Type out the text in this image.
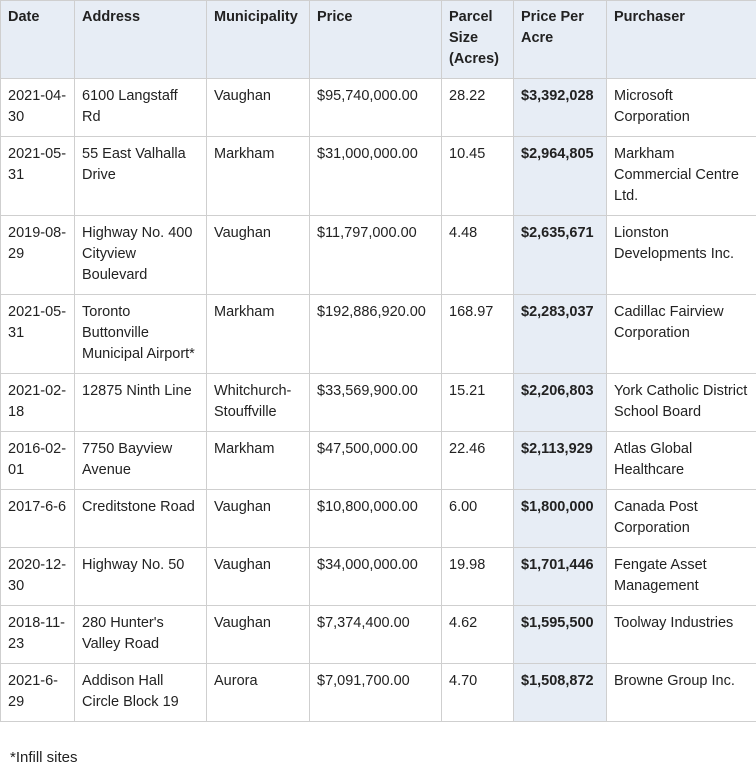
Date	Address	Municipality	Price	Parcel Size (Acres)	Price Per Acre	Purchaser
2021-04-30	6100 Langstaff Rd	Vaughan	$95,740,000.00	28.22	$3,392,028	Microsoft Corporation
2021-05-31	55 East Valhalla Drive	Markham	$31,000,000.00	10.45	$2,964,805	Markham Commercial Centre Ltd.
2019-08-29	Highway No. 400 Cityview Boulevard	Vaughan	$11,797,000.00	4.48	$2,635,671	Lionston Developments Inc.
2021-05-31	Toronto Buttonville Municipal Airport*	Markham	$192,886,920.00	168.97	$2,283,037	Cadillac Fairview Corporation
2021-02-18	12875 Ninth Line	Whitchurch-Stouffville	$33,569,900.00	15.21	$2,206,803	York Catholic District School Board
2016-02-01	7750 Bayview Avenue	Markham	$47,500,000.00	22.46	$2,113,929	Atlas Global Healthcare
2017-6-6	Creditstone Road	Vaughan	$10,800,000.00	6.00	$1,800,000	Canada Post Corporation
2020-12-30	Highway No. 50	Vaughan	$34,000,000.00	19.98	$1,701,446	Fengate Asset Management
2018-11-23	280 Hunter's Valley Road	Vaughan	$7,374,400.00	4.62	$1,595,500	Toolway Industries
2021-6-29	Addison Hall Circle Block 19	Aurora	$7,091,700.00	4.70	$1,508,872	Browne Group Inc.
*Infill sites
